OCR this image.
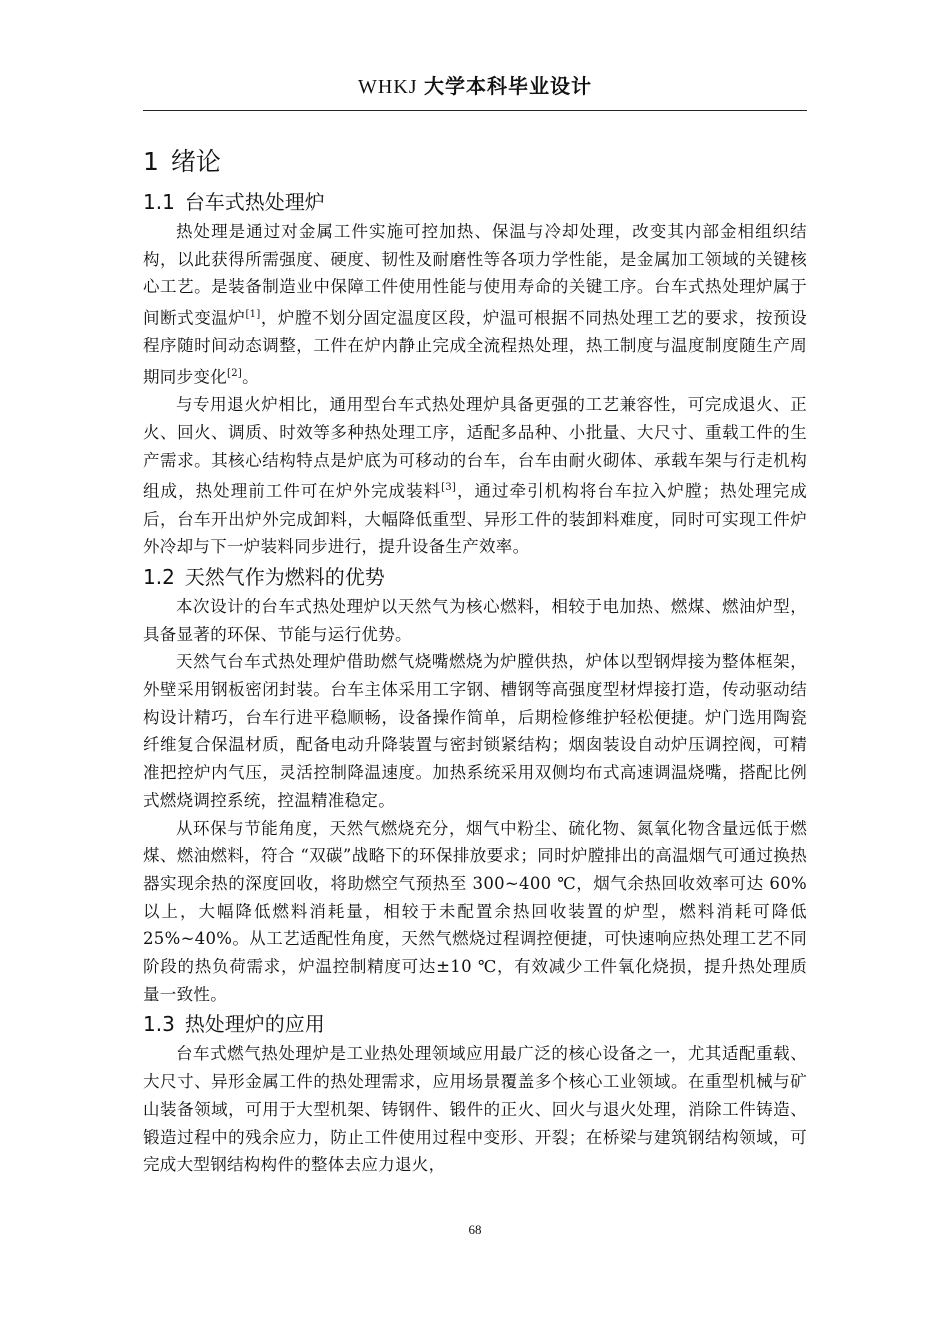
WHKJ 大学本科毕业设计
1 绪论
1.1 台车式热处理炉

热处理是通过对金属工件实施可控加热、保温与冷却处理，改变其内部金相组织结构，以此获得所需强度、硬度、韧性及耐磨性等各项力学性能，是金属加工领域的关键核心工艺。是装备制造业中保障工件使用性能与使用寿命的关键工序。台车式热处理炉属于间断式变温炉[1]，炉膛不划分固定温度区段，炉温可根据不同热处理工艺的要求，按预设程序随时间动态调整，工件在炉内静止完成全流程热处理，热工制度与温度制度随生产周期同步变化[2]。

与专用退火炉相比，通用型台车式热处理炉具备更强的工艺兼容性，可完成退火、正火、回火、调质、时效等多种热处理工序，适配多品种、小批量、大尺寸、重载工件的生产需求。其核心结构特点是炉底为可移动的台车，台车由耐火砌体、承载车架与行走机构组成，热处理前工件可在炉外完成装料[3]，通过牵引机构将台车拉入炉膛；热处理完成后，台车开出炉外完成卸料，大幅降低重型、异形工件的装卸料难度，同时可实现工件炉外冷却与下一炉装料同步进行，提升设备生产效率。

1.2 天然气作为燃料的优势

本次设计的台车式热处理炉以天然气为核心燃料，相较于电加热、燃煤、燃油炉型，具备显著的环保、节能与运行优势。

天然气台车式热处理炉借助燃气烧嘴燃烧为炉膛供热，炉体以型钢焊接为整体框架，外壁采用钢板密闭封装。台车主体采用工字钢、槽钢等高强度型材焊接打造，传动驱动结构设计精巧，台车行进平稳顺畅，设备操作简单，后期检修维护轻松便捷。炉门选用陶瓷纤维复合保温材质，配备电动升降装置与密封锁紧结构；烟囱装设自动炉压调控阀，可精准把控炉内气压，灵活控制降温速度。加热系统采用双侧均布式高速调温烧嘴，搭配比例式燃烧调控系统，控温精准稳定。

从环保与节能角度，天然气燃烧充分，烟气中粉尘、硫化物、氮氧化物含量远低于燃煤、燃油燃料，符合 “双碳”战略下的环保排放要求；同时炉膛排出的高温烟气可通过换热器实现余热的深度回收，将助燃空气预热至 300~400 ℃，烟气余热回收效率可达 60%以上，大幅降低燃料消耗量，相较于未配置余热回收装置的炉型，燃料消耗可降低 25%~40%。从工艺适配性角度，天然气燃烧过程调控便捷，可快速响应热处理工艺不同阶段的热负荷需求，炉温控制精度可达±10 ℃，有效减少工件氧化烧损，提升热处理质量一致性。

1.3 热处理炉的应用

台车式燃气热处理炉是工业热处理领域应用最广泛的核心设备之一，尤其适配重载、大尺寸、异形金属工件的热处理需求，应用场景覆盖多个核心工业领域。在重型机械与矿山装备领域，可用于大型机架、铸钢件、锻件的正火、回火与退火处理，消除工件铸造、锻造过程中的残余应力，防止工件使用过程中变形、开裂；在桥梁与建筑钢结构领域，可完成大型钢结构构件的整体去应力退火，

68
